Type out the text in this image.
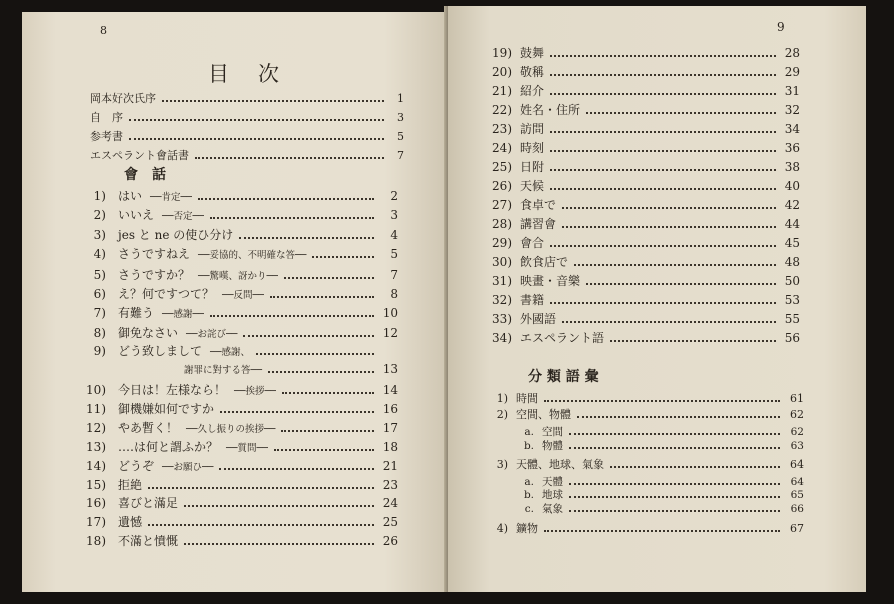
8
目　次
岡本好次氏序	1
自　序	3
参考書	5
エスペラント會話書	7
會　話
1) はい ──肯定──	2
2) いいえ ──否定──	3
3) jes と ne の使ひ分け	4
4) さうですねえ ──妥協的、不明確な答──	5
5) さうですか？ ──驚嘆、訝かり──	7
6) え？何ですつて？ ──反問──	8
7) 有難う ──感謝──	10
8) 御免なさい ──お詫び──	12
9) どう致しまして ──感謝、
謝罪に對する答──	13
10) 今日は！左様なら！ ──挨拶──	14
11) 御機嫌如何ですか	16
12) やあ暫く！ ──久し振りの挨拶──	17
13) ‥‥は何と謂ふか？ ──質問──	18
14) どうぞ ──お願ひ──	21
15) 拒絶	23
16) 喜びと滿足	24
17) 遺憾	25
18) 不滿と憤慨	26
9
19) 鼓舞	28
20) 敬稱	29
21) 紹介	31
22) 姓名・住所	32
23) 訪問	34
24) 時刻	36
25) 日附	38
26) 天候	40
27) 食卓で	42
28) 講習會	44
29) 會合	45
30) 飲食店で	48
31) 映畫・音樂	50
32) 書籍	53
33) 外國語	55
34) エスペラント語	56
分 類 語 彙
1) 時間	61
2) 空間、物體	62
a. 空間	62
b. 物體	63
3) 天體、地球、氣象	64
a. 天體	64
b. 地球	65
c. 氣象	66
4) 鑛物	67
